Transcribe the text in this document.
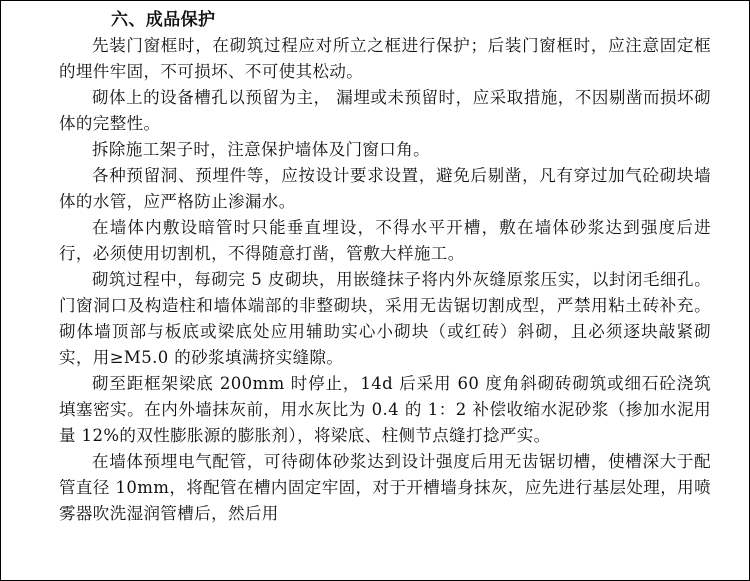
六、成品保护

先装门窗框时，在砌筑过程应对所立之框进行保护；后装门窗框时，应注意固定框的埋件牢固，不可损坏、不可使其松动。

砌体上的设备槽孔以预留为主， 漏埋或未预留时，应采取措施，不因剔凿而损坏砌体的完整性。

拆除施工架子时，注意保护墙体及门窗口角。

各种预留洞、预埋件等，应按设计要求设置，避免后剔凿，凡有穿过加气砼砌块墙体的水管，应严格防止渗漏水。

在墙体内敷设暗管时只能垂直埋设，不得水平开槽，敷在墙体砂浆达到强度后进行，必须使用切割机，不得随意打凿，管敷大样施工。

砌筑过程中，每砌完 5 皮砌块，用嵌缝抹子将内外灰缝原浆压实，以封闭毛细孔。门窗洞口及构造柱和墙体端部的非整砌块，采用无齿锯切割成型，严禁用粘土砖补充。砌体墙顶部与板底或梁底处应用辅助实心小砌块（或红砖）斜砌，且必须逐块敲紧砌实，用≥M5.0 的砂浆填满挤实缝隙。

砌至距框架梁底 200mm 时停止，14d 后采用 60 度角斜砌砖砌筑或细石砼浇筑填塞密实。在内外墙抹灰前，用水灰比为 0.4 的 1：2 补偿收缩水泥砂浆（掺加水泥用量 12%的双性膨胀源的膨胀剂），将梁底、柱侧节点缝打捻严实。

在墙体预埋电气配管，可待砌体砂浆达到设计强度后用无齿锯切槽，使槽深大于配管直径 10mm，将配管在槽内固定牢固，对于开槽墙身抹灰，应先进行基层处理，用喷雾器吹洗湿润管槽后，然后用
